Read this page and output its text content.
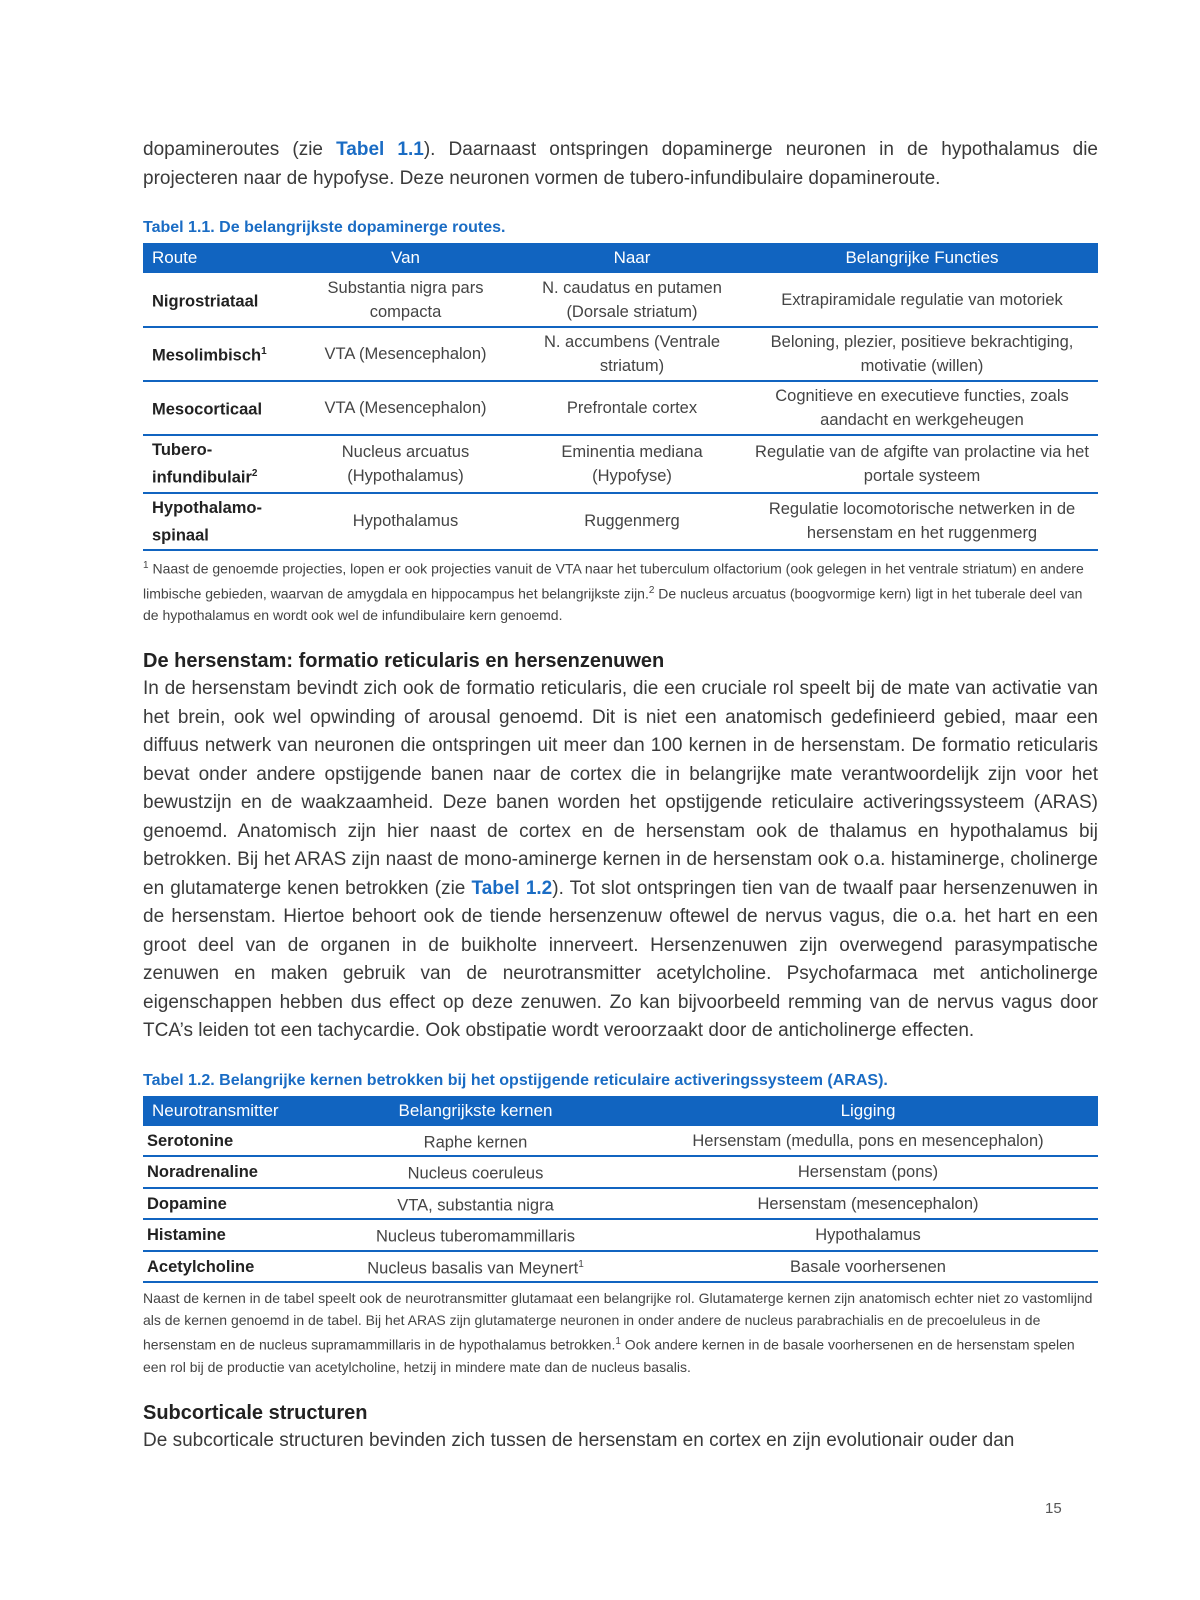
dopamineroutes (zie Tabel 1.1). Daarnaast ontspringen dopaminerge neuronen in de hypothalamus die projecteren naar de hypofyse. Deze neuronen vormen de tubero-infundibulaire dopamineroute.

Tabel 1.1. De belangrijkste dopaminerge routes.
Route	Van	Naar	Belangrijke Functies
Nigrostriataal	Substantia nigra pars compacta	N. caudatus en putamen (Dorsale striatum)	Extrapiramidale regulatie van motoriek
Mesolimbisch$^1$	VTA (Mesencephalon)	N. accumbens (Ventrale striatum)	Beloning, plezier, positieve bekrachtiging, motivatie (willen)
Mesocorticaal	VTA (Mesencephalon)	Prefrontale cortex	Cognitieve en executieve functies, zoals aandacht en werkgeheugen
Tubero-infundibulair$^2$	Nucleus arcuatus (Hypothalamus)	Eminentia mediana (Hypofyse)	Regulatie van de afgifte van prolactine via het portale systeem
Hypothalamo-spinaal	Hypothalamus	Ruggenmerg	Regulatie locomotorische netwerken in de hersenstam en het ruggenmerg

$^1$ Naast de genoemde projecties, lopen er ook projecties vanuit de VTA naar het tuberculum olfactorium (ook gelegen in het ventrale striatum) en andere limbische gebieden, waarvan de amygdala en hippocampus het belangrijkste zijn.$^2$ De nucleus arcuatus (boogvormige kern) ligt in het tuberale deel van de hypothalamus en wordt ook wel de infundibulaire kern genoemd.

De hersenstam: formatio reticularis en hersenzenuwen

In de hersenstam bevindt zich ook de formatio reticularis, die een cruciale rol speelt bij de mate van activatie van het brein, ook wel opwinding of arousal genoemd. Dit is niet een anatomisch gedefinieerd gebied, maar een diffuus netwerk van neuronen die ontspringen uit meer dan 100 kernen in de hersenstam. De formatio reticularis bevat onder andere opstijgende banen naar de cortex die in belangrijke mate verantwoordelijk zijn voor het bewustzijn en de waakzaamheid. Deze banen worden het opstijgende reticulaire activeringssysteem (ARAS) genoemd. Anatomisch zijn hier naast de cortex en de hersenstam ook de thalamus en hypothalamus bij betrokken. Bij het ARAS zijn naast de mono-aminerge kernen in de hersenstam ook o.a. histaminerge, cholinerge en glutamaterge kenen betrokken (zie Tabel 1.2). Tot slot ontspringen tien van de twaalf paar hersenzenuwen in de hersenstam. Hiertoe behoort ook de tiende hersenzenuw oftewel de nervus vagus, die o.a. het hart en een groot deel van de organen in de buikholte innerveert. Hersenzenuwen zijn overwegend parasympatische zenuwen en maken gebruik van de neurotransmitter acetylcholine. Psychofarmaca met anticholinerge eigenschappen hebben dus effect op deze zenuwen. Zo kan bijvoorbeeld remming van de nervus vagus door TCA’s leiden tot een tachycardie. Ook obstipatie wordt veroorzaakt door de anticholinerge effecten.

Tabel 1.2. Belangrijke kernen betrokken bij het opstijgende reticulaire activeringssysteem (ARAS).
Neurotransmitter	Belangrijkste kernen	Ligging
Serotonine	Raphe kernen	Hersenstam (medulla, pons en mesencephalon)
Noradrenaline	Nucleus coeruleus	Hersenstam (pons)
Dopamine	VTA, substantia nigra	Hersenstam (mesencephalon)
Histamine	Nucleus tuberomammillaris	Hypothalamus
Acetylcholine	Nucleus basalis van Meynert$^1$	Basale voorhersenen

Naast de kernen in de tabel speelt ook de neurotransmitter glutamaat een belangrijke rol. Glutamaterge kernen zijn anatomisch echter niet zo vastomlijnd als de kernen genoemd in de tabel. Bij het ARAS zijn glutamaterge neuronen in onder andere de nucleus parabrachialis en de precoeluleus in de hersenstam en de nucleus supramammillaris in de hypothalamus betrokken.$^1$ Ook andere kernen in de basale voorhersenen en de hersenstam spelen een rol bij de productie van acetylcholine, hetzij in mindere mate dan de nucleus basalis.

Subcorticale structuren

De subcorticale structuren bevinden zich tussen de hersenstam en cortex en zijn evolutionair ouder dan

15
